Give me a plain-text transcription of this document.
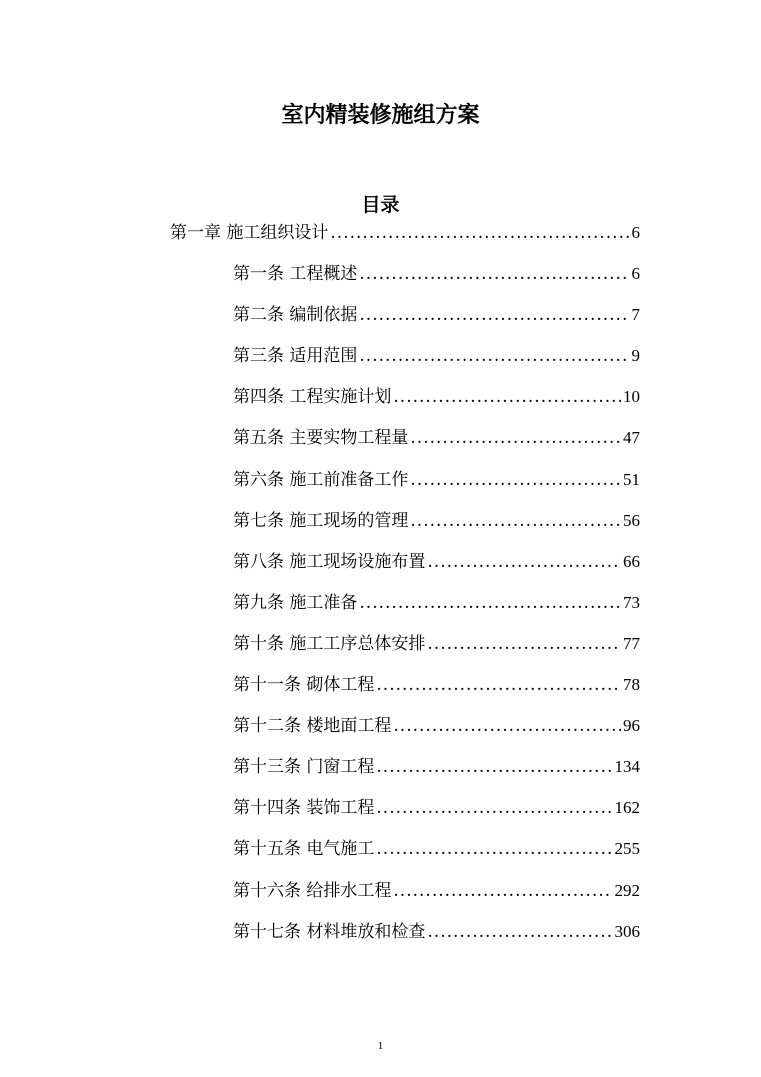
室内精装修施组方案
目录
第一章 施工组织设计 .....	6
第一条 工程概述 .....	6
第二条 编制依据 .....	7
第三条 适用范围 .....	9
第四条 工程实施计划 .....	10
第五条 主要实物工程量 .....	47
第六条 施工前准备工作 .....	51
第七条 施工现场的管理 .....	56
第八条 施工现场设施布置 .....	66
第九条 施工准备 .....	73
第十条 施工工序总体安排 .....	77
第十一条 砌体工程 .....	78
第十二条 楼地面工程 .....	96
第十三条 门窗工程 .....	134
第十四条 装饰工程 .....	162
第十五条 电气施工 .....	255
第十六条 给排水工程 .....	292
第十七条 材料堆放和检查 .....	306
1
